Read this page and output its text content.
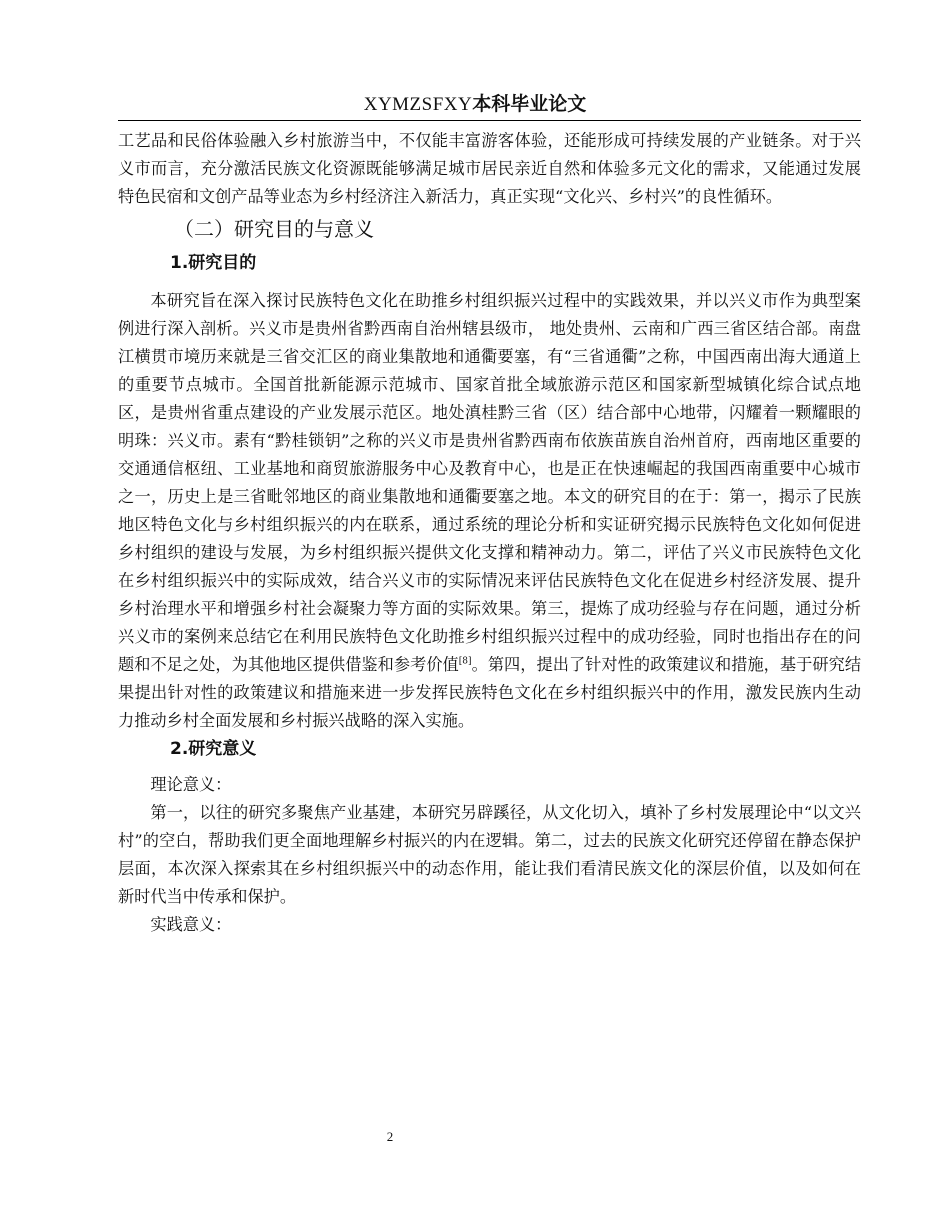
XYMZSFXY本科毕业论文

工艺品和民俗体验融入乡村旅游当中，不仅能丰富游客体验，还能形成可持续发展的产业链条。对于兴义市而言，充分激活民族文化资源既能够满足城市居民亲近自然和体验多元文化的需求，又能通过发展特色民宿和文创产品等业态为乡村经济注入新活力，真正实现“文化兴、乡村兴”的良性循环。

（二）研究目的与意义
1.研究目的

本研究旨在深入探讨民族特色文化在助推乡村组织振兴过程中的实践效果，并以兴义市作为典型案例进行深入剖析。兴义市是贵州省黔西南自治州辖县级市， 地处贵州、云南和广西三省区结合部。南盘江横贯市境历来就是三省交汇区的商业集散地和通衢要塞，有“三省通衢”之称，中国西南出海大通道上的重要节点城市。全国首批新能源示范城市、国家首批全域旅游示范区和国家新型城镇化综合试点地区，是贵州省重点建设的产业发展示范区。地处滇桂黔三省（区）结合部中心地带，闪耀着一颗耀眼的明珠：兴义市。素有“黔桂锁钥”之称的兴义市是贵州省黔西南布依族苗族自治州首府，西南地区重要的交通通信枢纽、工业基地和商贸旅游服务中心及教育中心，也是正在快速崛起的我国西南重要中心城市之一，历史上是三省毗邻地区的商业集散地和通衢要塞之地。本文的研究目的在于：第一，揭示了民族地区特色文化与乡村组织振兴的内在联系，通过系统的理论分析和实证研究揭示民族特色文化如何促进乡村组织的建设与发展，为乡村组织振兴提供文化支撑和精神动力。第二，评估了兴义市民族特色文化在乡村组织振兴中的实际成效，结合兴义市的实际情况来评估民族特色文化在促进乡村经济发展、提升乡村治理水平和增强乡村社会凝聚力等方面的实际效果。第三，提炼了成功经验与存在问题，通过分析兴义市的案例来总结它在利用民族特色文化助推乡村组织振兴过程中的成功经验，同时也指出存在的问题和不足之处，为其他地区提供借鉴和参考价值[8]。第四，提出了针对性的政策建议和措施，基于研究结果提出针对性的政策建议和措施来进一步发挥民族特色文化在乡村组织振兴中的作用，激发民族内生动力推动乡村全面发展和乡村振兴战略的深入实施。

2.研究意义

理论意义：

第一，以往的研究多聚焦产业基建，本研究另辟蹊径，从文化切入，填补了乡村发展理论中“以文兴村”的空白，帮助我们更全面地理解乡村振兴的内在逻辑。第二，过去的民族文化研究还停留在静态保护层面，本次深入探索其在乡村组织振兴中的动态作用，能让我们看清民族文化的深层价值，以及如何在新时代当中传承和保护。

实践意义：

2
